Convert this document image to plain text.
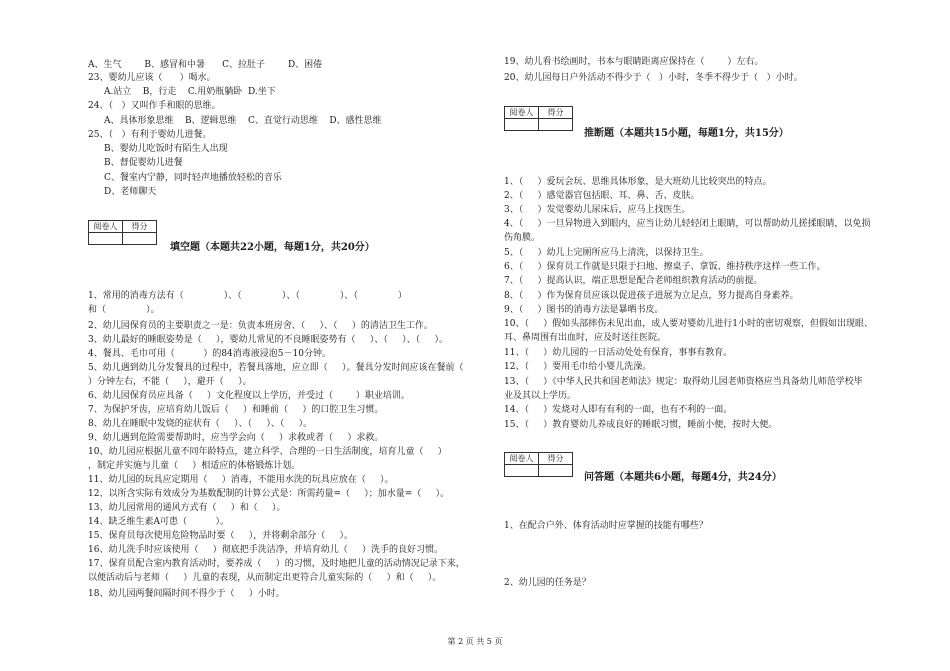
A、生气        B、感冒和中暑      C、拉肚子        D、困倦
23、婴幼儿应该（      ）喝水。
A.站立    B，行走    C.用奶瓶躺卧  D.坐下
24、（   ）又叫作手和眼的思维。
A、具体形象思维    B、逻辑思维    C、直觉行动思维    D、感性思维
25、（   ）有利于婴幼儿进餐。
B、婴幼儿吃饭时有陌生人出现
B、督促婴幼儿进餐
C、餐室内宁静，同时轻声地播放轻松的音乐
D、老师聊天
阅卷人	得分

填空题（本题共22小题，每题1分，共20分）
1、常用的消毒方法有（              ）、（              ）、（              ）、（              ）
和（              ）。
2、幼儿园保育员的主要职责之一是：负责本班房舍、（     ）、（     ）的清洁卫生工作。
3、幼儿最好的睡眠姿势是（     ），婴幼儿常见的不良睡眠姿势有（     ）、（     ）、（     ）。
4、餐具、毛巾可用（          ）的84消毒液浸泡5－10分钟。
5、幼儿遇到幼儿分发餐具的过程中，若餐具落地，应立即（     ）。餐具分发时间应该在餐前（
）分钟左右，不能（     ），避开（     ）。
6、幼儿园保育员应具备（     ）文化程度以上学历，并受过（        ）职业培训。
7、为保护牙齿，应培育幼儿饭后（     ）和睡前（     ）的口腔卫生习惯。
8、幼儿在睡眠中发烧的症状有（     ）、（     ）、（     ）。
9、幼儿遇到危险需要帮助时，应当学会向（     ）求救或者（     ）求救。
10、幼儿园应根据儿童不同年龄特点，建立科学、合理的一日生活制度，培育儿童（     ）
，制定并实施与儿童（     ）相适应的体格锻炼计划。
11、幼儿园的玩具应定期用（     ）消毒，不能用水洗的玩具应放在（     ）。
12、以所含实际有效成分为基数配制的计算公式是：所需药量=（     ）；加水量=（     ）。
13、幼儿园常用的通风方式有（     ）和（     ）。
14、缺乏维生素A可患（          ）。
15、保育员每次使用危险物品时要（     ），并将剩余部分（     ）。
16、幼儿洗手时应该使用（     ）彻底把手洗洁净，并培育幼儿（     ）洗手的良好习惯。
17、保育员配合室内教育活动时，要养成（     ）的习惯，及时地把儿童的活动情况记录下来，
以便活动后与老师（     ）儿童的表现，从而制定出更符合儿童实际的（     ）和（     ）。
18、幼儿园两餐间隔时间不得少于（     ）小时。
19、幼儿看书绘画时，书本与眼睛距离应保持在（        ）左右。
20、幼儿园每日户外活动不得少于（   ）小时，冬季不得少于（   ）小时。
阅卷人	得分

推断题（本题共15小题，每题1分，共15分）
1、（     ）爱玩会玩、思维具体形象，是大班幼儿比较突出的特点。
2、（     ）感觉器官包括眼、耳、鼻、舌、皮肤。
3、（     ）发觉婴幼儿尿床后，应马上找医生。
4、（     ）一旦异物进入到眼内，应当让幼儿轻轻闭上眼睛，可以帮助幼儿搓揉眼睛，以免损
伤角膜。
5、（     ）幼儿上完厕所应马上清洗，以保持卫生。
6、（     ）保育员工作就是只限于扫地、擦桌子、拿饭、维持秩序这样一些工作。
7、（     ）提高认识，端正思想是配合老师组织教育活动的前提。
8、（     ）作为保育员应该以促进孩子进展为立足点，努力提高自身素养。
9、（     ）图书的消毒方法是暴晒书皮。
10、（     ）假如头部摔伤未见出血，成人要对婴幼儿进行1小时的密切观察，但假如出现眼、
耳、鼻周围有出血时，应及时送往医院。
11、（     ）幼儿园的一日活动处处有保育，事事有教育。
12、（     ）要用毛巾给小婴儿洗澡。
13、（     ）《中华人民共和国老师法》规定：取得幼儿园老师资格应当具备幼儿师范学校毕
业及其以上学历。
14、（     ）发烧对人即有有利的一面，也有不利的一面。
15、（     ）教育婴幼儿养成良好的睡眠习惯，睡前小便，按时大便。
阅卷人	得分

问答题（本题共6小题，每题4分，共24分）
1、在配合户外、体育活动时应掌握的技能有哪些？
2、幼儿园的任务是？
第 2 页 共 5 页
